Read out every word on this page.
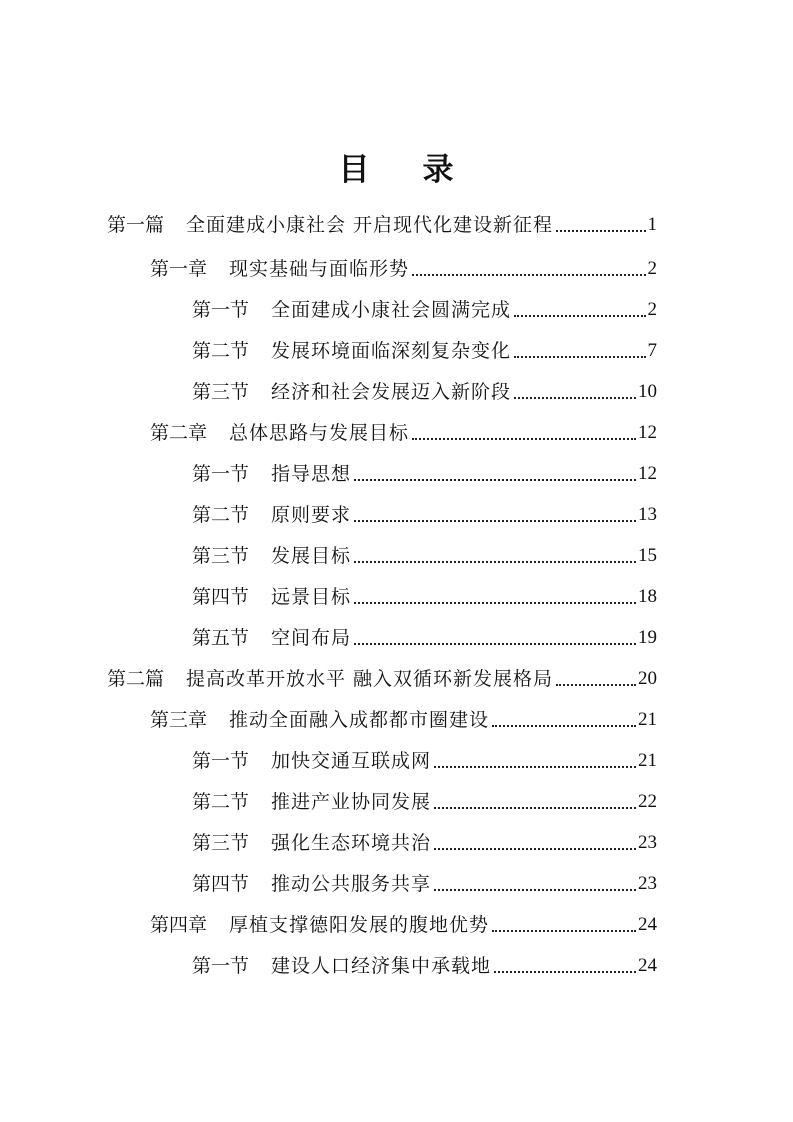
目 录
第一篇 全面建成小康社会 开启现代化建设新征程	1
第一章 现实基础与面临形势	2
第一节 全面建成小康社会圆满完成	2
第二节 发展环境面临深刻复杂变化	7
第三节 经济和社会发展迈入新阶段	10
第二章 总体思路与发展目标	12
第一节 指导思想	12
第二节 原则要求	13
第三节 发展目标	15
第四节 远景目标	18
第五节 空间布局	19
第二篇 提高改革开放水平 融入双循环新发展格局	20
第三章 推动全面融入成都都市圈建设	21
第一节 加快交通互联成网	21
第二节 推进产业协同发展	22
第三节 强化生态环境共治	23
第四节 推动公共服务共享	23
第四章 厚植支撑德阳发展的腹地优势	24
第一节 建设人口经济集中承载地	24
